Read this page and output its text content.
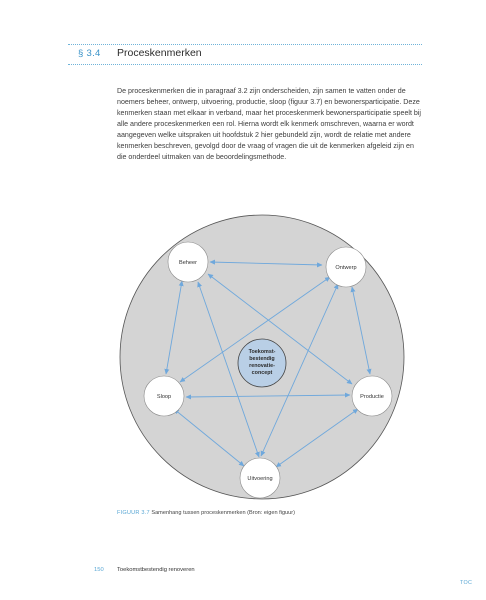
§ 3.4 Proceskenmerken

De proceskenmerken die in paragraaf 3.2 zijn onderscheiden, zijn samen te vatten onder de noemers beheer, ontwerp, uitvoering, productie, sloop (figuur 3.7) en bewonersparticipatie. Deze kenmerken staan met elkaar in verband, maar het proceskenmerk bewonersparticipatie speelt bij alle andere proceskenmerken een rol. Hierna wordt elk kenmerk omschreven, waarna er wordt aangegeven welke uitspraken uit hoofdstuk 2 hier gebundeld zijn, wordt de relatie met andere kenmerken beschreven, gevolgd door de vraag of vragen die uit de kenmerken afgeleid zijn en die onderdeel uitmaken van de beoordelingsmethode.

Toekomst-
bestendig
renovatie-
concept
Beheer
Ontwerp
Sloop	Productie
Uitvoering
FIGUUR 3.7 Samenhang tussen proceskenmerken (Bron: eigen figuur)
150 Toekomstbestendig renoveren
TOC
